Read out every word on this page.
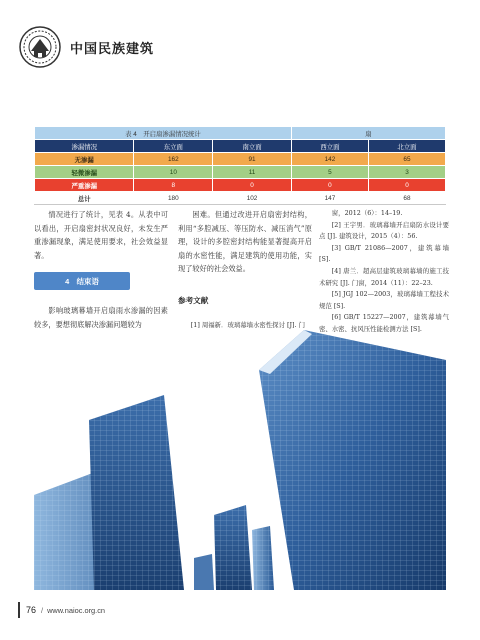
中国民族建筑
表 4　开启扇渗漏情况统计			扇	
渗漏情况	东立面	南立面	西立面	北立面
无渗漏	162	91	142	65
轻微渗漏	10	11	5	3
严重渗漏	8	0	0	0
总计	180	102	147	68

情况进行了统计，见表 4。从表中可以看出，开启扇密封状况良好，未发生严重渗漏现象，满足使用要求，社会效益显著。

4　结束语

影响玻璃幕墙开启扇雨水渗漏的因素较多，要想彻底解决渗漏问题较为

困难。但通过改进开启扇密封结构，利用“多腔减压、等压防水、减压消气”原理，设计的多腔密封结构能显著提高开启扇的水密性能，满足建筑的使用功能，实现了较好的社会效益。

参考文献

[1] 周福新．玻璃幕墙水密性探讨 [J]. 门

窗，2012（6）：14–19.

[2] 王宇男．玻璃幕墙开启扇防水设计要点 [J]. 建筑设计，2015（4）：56.

[3] GB/T 21086—2007，建筑幕墙 [S].

[4] 唐兰．超高层建筑玻璃幕墙的施工技术研究 [J]. 门窗，2014（11）：22–23.

[5] JGJ 102—2003，玻璃幕墙工程技术规范 [S].

[6] GB/T 15227—2007，建筑幕墙气密、水密、抗风压性能检测方法 [S].

76 / www.naioc.org.cn
